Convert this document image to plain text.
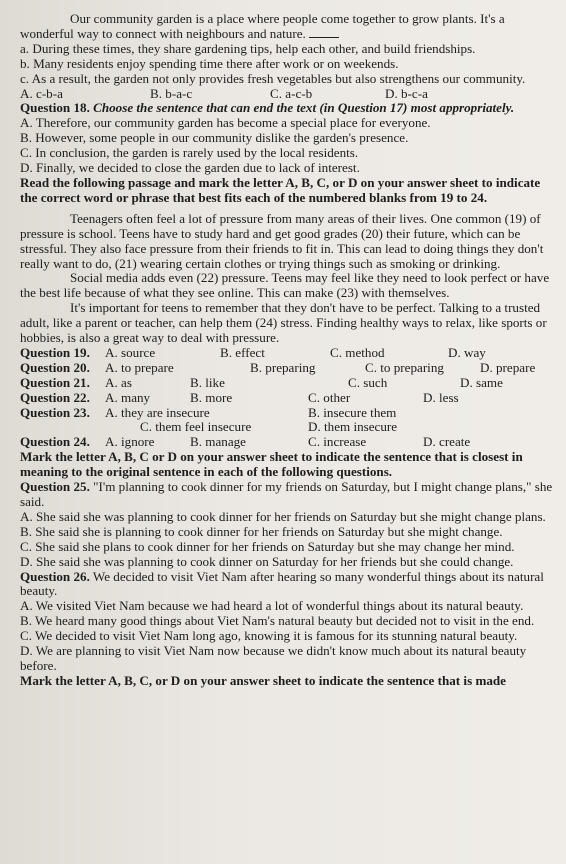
Our community garden is a place where people come together to grow plants. It's a wonderful way to connect with neighbours and nature.

a. During these times, they share gardening tips, help each other, and build friendships.

b. Many residents enjoy spending time there after work or on weekends.

c. As a result, the garden not only provides fresh vegetables but also strengthens our community.

A. c-b-a	B. b-a-c	C. a-c-b	D. b-c-a

Question 18. Choose the sentence that can end the text (in Question 17) most appropriately.

A. Therefore, our community garden has become a special place for everyone.

B. However, some people in our community dislike the garden's presence.

C. In conclusion, the garden is rarely used by the local residents.

D. Finally, we decided to close the garden due to lack of interest.

Read the following passage and mark the letter A, B, C, or D on your answer sheet to indicate the correct word or phrase that best fits each of the numbered blanks from 19 to 24.

Teenagers often feel a lot of pressure from many areas of their lives. One common (19) of pressure is school. Teens have to study hard and get good grades (20) their future, which can be stressful. They also face pressure from their friends to fit in. This can lead to doing things they don't really want to do, (21) wearing certain clothes or trying things such as smoking or drinking.

Social media adds even (22) pressure. Teens may feel like they need to look perfect or have the best life because of what they see online. This can make (23) with themselves.

It's important for teens to remember that they don't have to be perfect. Talking to a trusted adult, like a parent or teacher, can help them (24) stress. Finding healthy ways to relax, like sports or hobbies, is also a great way to deal with pressure.

Question 19.	A. source	B. effect	C. method	D. way
Question 20.	A. to prepare	B. preparing	C. to preparing	D. prepare
Question 21.	A. as	B. like	C. such	D. same
Question 22.	A. many	B. more	C. other	D. less
Question 23.	A. they are insecure	B. insecure them
C. them feel insecure	D. them insecure
Question 24.	A. ignore	B. manage	C. increase	D. create

Mark the letter A, B, C or D on your answer sheet to indicate the sentence that is closest in meaning to the original sentence in each of the following questions.

Question 25. "I'm planning to cook dinner for my friends on Saturday, but I might change plans," she said.

A. She said she was planning to cook dinner for her friends on Saturday but she might change plans.

B. She said she is planning to cook dinner for her friends on Saturday but she might change.

C. She said she plans to cook dinner for her friends on Saturday but she may change her mind.

D. She said she was planning to cook dinner on Saturday for her friends but she could change.

Question 26. We decided to visit Viet Nam after hearing so many wonderful things about its natural beauty.

A. We visited Viet Nam because we had heard a lot of wonderful things about its natural beauty.

B. We heard many good things about Viet Nam's natural beauty but decided not to visit in the end.

C. We decided to visit Viet Nam long ago, knowing it is famous for its stunning natural beauty.

D. We are planning to visit Viet Nam now because we didn't know much about its natural beauty before.

Mark the letter A, B, C, or D on your answer sheet to indicate the sentence that is made
